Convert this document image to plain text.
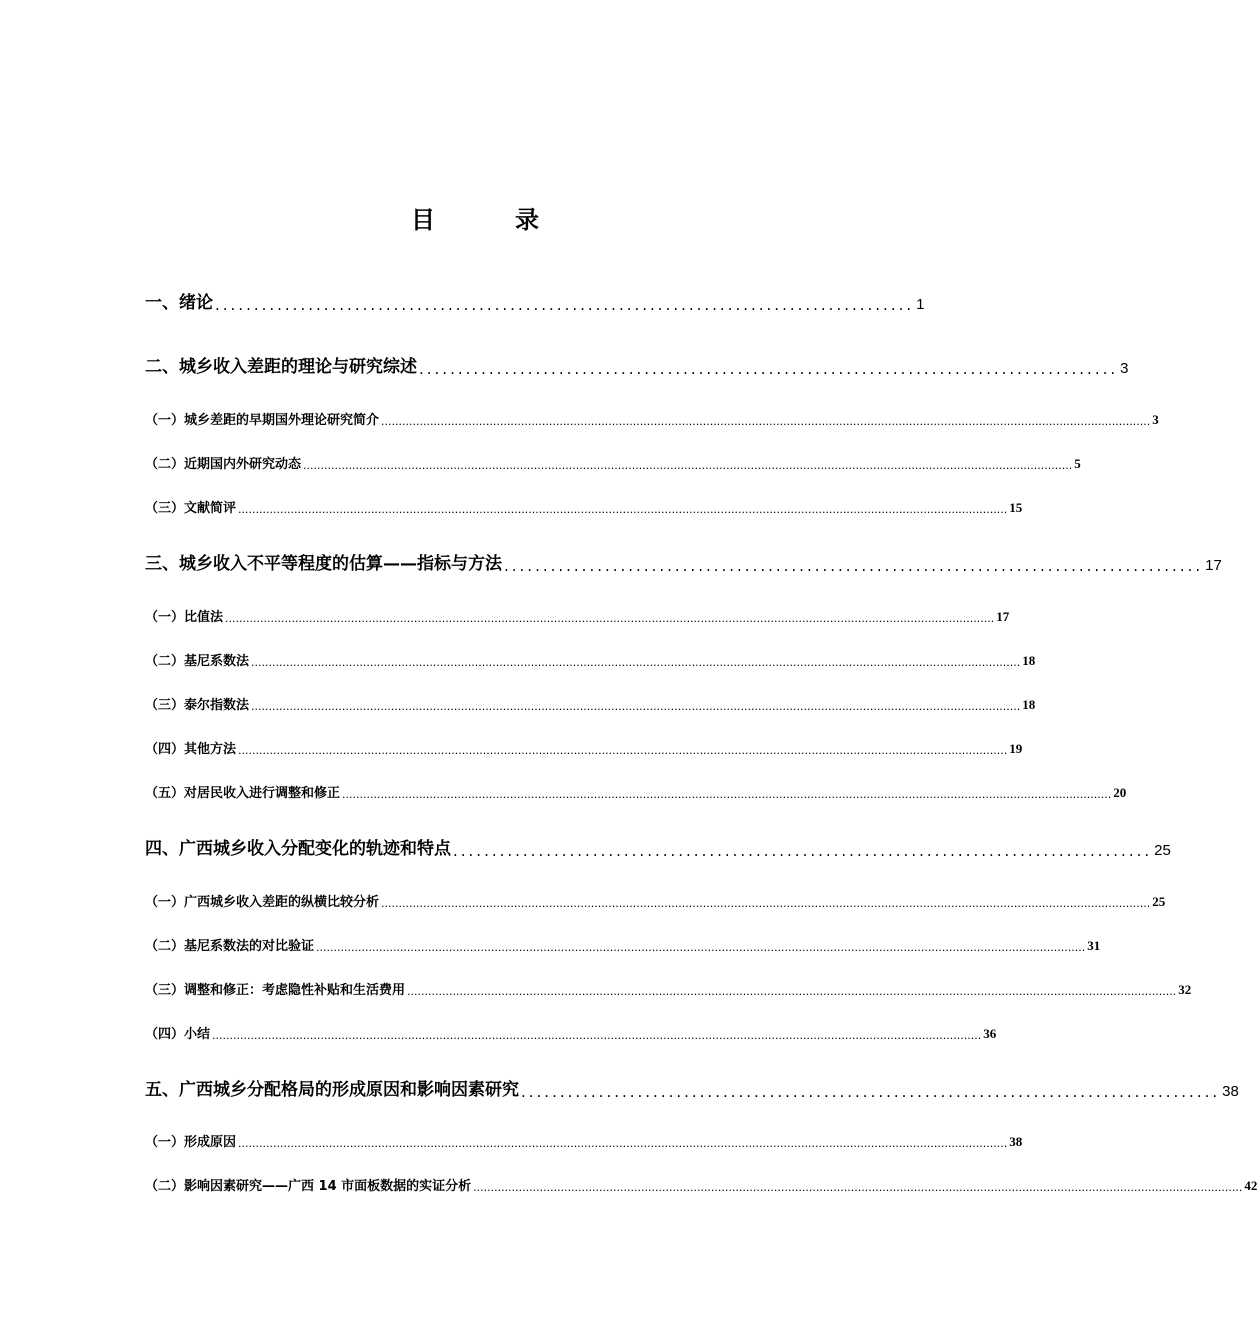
目　录
一、绪论 .......................................................................................... 1
二、城乡收入差距的理论与研究综述 .......................................................................................... 3
（一）城乡差距的早期国外理论研究简介 ............................................................................................................................................................................................................................ 3
（二）近期国内外研究动态 ............................................................................................................................................................................................................................ 5
（三）文献简评 ............................................................................................................................................................................................................................ 15
三、城乡收入不平等程度的估算——指标与方法 .......................................................................................... 17
（一）比值法 ............................................................................................................................................................................................................................ 17
（二）基尼系数法 ............................................................................................................................................................................................................................ 18
（三）泰尔指数法 ............................................................................................................................................................................................................................ 18
（四）其他方法 ............................................................................................................................................................................................................................ 19
（五）对居民收入进行调整和修正 ............................................................................................................................................................................................................................ 20
四、广西城乡收入分配变化的轨迹和特点 .......................................................................................... 25
（一）广西城乡收入差距的纵横比较分析 ............................................................................................................................................................................................................................ 25
（二）基尼系数法的对比验证 ............................................................................................................................................................................................................................ 31
（三）调整和修正：考虑隐性补贴和生活费用 ............................................................................................................................................................................................................................ 32
（四）小结 ............................................................................................................................................................................................................................ 36
五、广西城乡分配格局的形成原因和影响因素研究 .......................................................................................... 38
（一）形成原因 ............................................................................................................................................................................................................................ 38
（二）影响因素研究——广西 14 市面板数据的实证分析 ............................................................................................................................................................................................................................ 42
